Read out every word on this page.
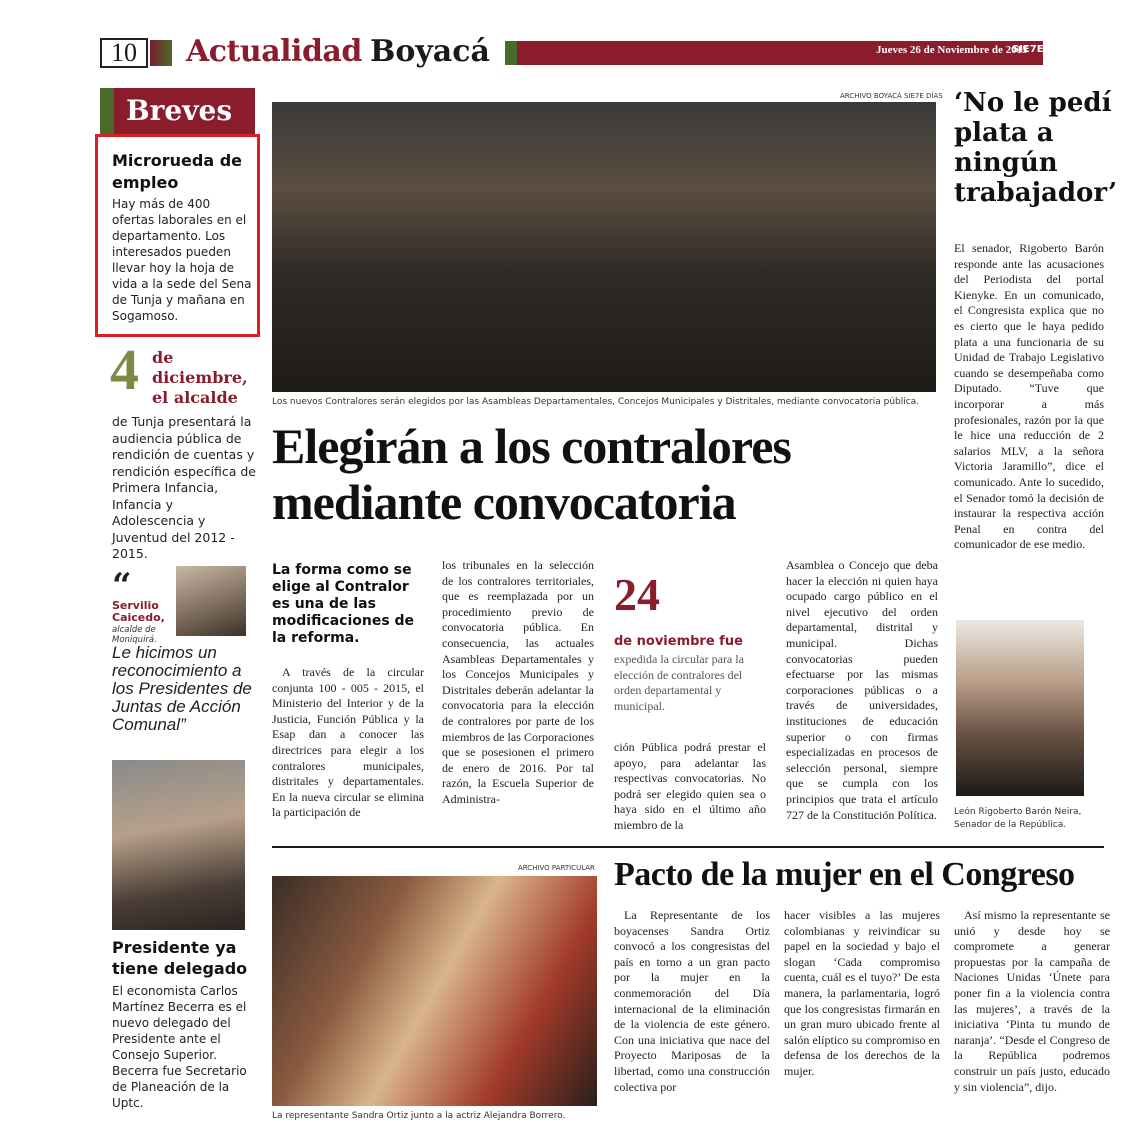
10	Actualidad Boyacá	Jueves 26 de Noviembre de 2015
SIE7E DÍAS
Breves
Microrueda de empleo
Hay más de 400 ofertas laborales en el departamento. Los interesados pueden llevar hoy la hoja de vida a la sede del Sena de Tunja y mañana en Sogamoso.
4 de diciembre, el alcalde
de Tunja presentará la audiencia pública de rendición de cuentas y rendición específica de Primera Infancia, Infancia y Adolescencia y Juventud del 2012 - 2015.
“
Servilio Caicedo,
alcalde de Moniquirá.
Le hicimos un reconocimiento a los Presidentes de Juntas de Acción Comunal”
Presidente ya tiene delegado
El economista Carlos Martínez Becerra es el nuevo delegado del Presidente ante el Consejo Superior. Becerra fue Secretario de Planeación de la Uptc.
ARCHIVO BOYACÁ SIE7E DÍAS
Los nuevos Contralores serán elegidos por las Asambleas Departamentales, Concejos Municipales y Distritales, mediante convocatoria pública.
Elegirán a los contralores mediante convocatoria
La forma como se elige al Contralor es una de las modificaciones de la reforma.
A través de la circular conjunta 100 - 005 - 2015, el Ministerio del Interior y de la Justicia, Función Pública y la Esap dan a conocer las directrices para elegir a los contralores municipales, distritales y departamentales. En la nueva circular se elimina la participación de
los tribunales en la selección de los contralores territoriales, que es reemplazada por un procedimiento previo de convocatoria pública. En consecuencia, las actuales Asambleas Departamentales y los Concejos Municipales y Distritales deberán adelantar la convocatoria para la elección de contralores por parte de los miembros de las Corporaciones que se posesionen el primero de enero de 2016. Por tal razón, la Escuela Superior de Administra-
24
de noviembre fue
expedida la circular para la elección de contralores del orden departamental y municipal.
ción Pública podrá prestar el apoyo, para adelantar las respectivas convocatorias. No podrá ser elegido quien sea o haya sido en el último año miembro de la
Asamblea o Concejo que deba hacer la elección ni quien haya ocupado cargo público en el nivel ejecutivo del orden departamental, distrital y municipal. Dichas convocatorias pueden efectuarse por las mismas corporaciones públicas o a través de universidades, instituciones de educación superior o con firmas especializadas en procesos de selección personal, siempre que se cumpla con los principios que trata el artículo 727 de la Constitución Política.
‘No le pedí plata a ningún trabajador’
El senador, Rigoberto Barón responde ante las acusaciones del Periodista del portal Kienyke. En un comunicado, el Congresista explica que no es cierto que le haya pedido plata a una funcionaria de su Unidad de Trabajo Legislativo cuando se desempeñaba como Diputado. “Tuve que incorporar a más profesionales, razón por la que le hice una reducción de 2 salarios MLV, a la señora Victoria Jaramillo”, dice el comunicado. Ante lo sucedido, el Senador tomó la decisión de instaurar la respectiva acción Penal en contra del comunicador de ese medio.
León Rigoberto Barón Neira, Senador de la República.
ARCHIVO PARTICULAR
La representante Sandra Ortiz junto a la actriz Alejandra Borrero.
Pacto de la mujer en el Congreso
La Representante de los boyacenses Sandra Ortiz convocó a los congresistas del país en torno a un gran pacto por la mujer en la conmemoración del Día internacional de la eliminación de la violencia de este género. Con una iniciativa que nace del Proyecto Mariposas de la libertad, como una construcción colectiva por
hacer visibles a las mujeres colombianas y reivindicar su papel en la sociedad y bajo el slogan ‘Cada compromiso cuenta, cuál es el tuyo?’ De esta manera, la parlamentaria, logró que los congresistas firmarán en un gran muro ubicado frente al salón elíptico su compromiso en defensa de los derechos de la mujer.
Así mismo la representante se unió y desde hoy se compromete a generar propuestas por la campaña de Naciones Unidas ‘Únete para poner fin a la violencia contra las mujeres’, a través de la iniciativa ‘Pinta tu mundo de naranja’. “Desde el Congreso de la República podremos construir un país justo, educado y sin violencia”, dijo.
